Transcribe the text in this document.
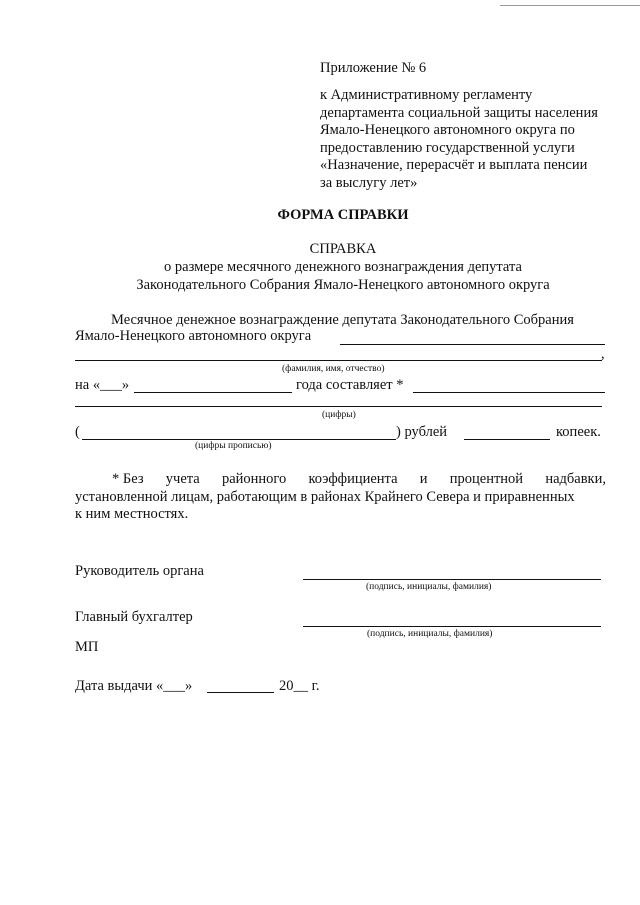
Приложение № 6
к Административному регламенту
департамента социальной защиты населения
Ямало-Ненецкого автономного округа по
предоставлению государственной услуги
«Назначение, перерасчёт и выплата пенсии
за выслугу лет»
ФОРМА СПРАВКИ
СПРАВКА
о размере месячного денежного вознаграждения депутата
Законодательного Собрания Ямало-Ненецкого автономного округа
Месячное денежное вознаграждение депутата Законодательного Собрания
Ямало-Ненецкого автономного округа
,
(фамилия, имя, отчество)
на «___»	года составляет *
(цифры)
(	) рублей	копеек.
(цифры прописью)
* Без учета районного коэффициента и процентной надбавки,
установленной лицам, работающим в районах Крайнего Севера и приравненных
к ним местностях.
Руководитель органа
(подпись, инициалы, фамилия)
Главный бухгалтер
(подпись, инициалы, фамилия)
МП
Дата выдачи «___»	20__ г.
